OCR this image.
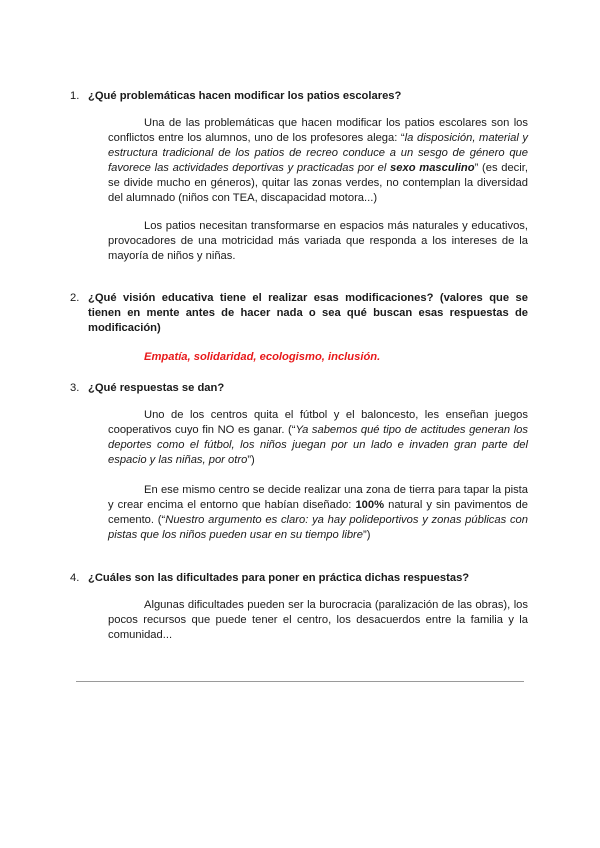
1. ¿Qué problemáticas hacen modificar los patios escolares?
Una de las problemáticas que hacen modificar los patios escolares son los conflictos entre los alumnos, uno de los profesores alega: “la disposición, material y estructura tradicional de los patios de recreo conduce a un sesgo de género que favorece las actividades deportivas y practicadas por el sexo masculino” (es decir, se divide mucho en géneros), quitar las zonas verdes, no contemplan la diversidad del alumnado (niños con TEA, discapacidad motora...)
Los patios necesitan transformarse en espacios más naturales y educativos, provocadores de una motricidad más variada que responda a los intereses de la mayoría de niños y niñas.
2. ¿Qué visión educativa tiene el realizar esas modificaciones? (valores que se tienen en mente antes de hacer nada o sea qué buscan esas respuestas de modificación)
Empatía, solidaridad, ecologismo, inclusión.
3. ¿Qué respuestas se dan?
Uno de los centros quita el fútbol y el baloncesto, les enseñan juegos cooperativos cuyo fin NO es ganar. (“Ya sabemos qué tipo de actitudes generan los deportes como el fútbol, los niños juegan por un lado e invaden gran parte del espacio y las niñas, por otro”)
En ese mismo centro se decide realizar una zona de tierra para tapar la pista y crear encima el entorno que habían diseñado: 100% natural y sin pavimentos de cemento. (“Nuestro argumento es claro: ya hay polideportivos y zonas públicas con pistas que los niños pueden usar en su tiempo libre”)
4. ¿Cuáles son las dificultades para poner en práctica dichas respuestas?
Algunas dificultades pueden ser la burocracia (paralización de las obras), los pocos recursos que puede tener el centro, los desacuerdos entre la familia y la comunidad...
